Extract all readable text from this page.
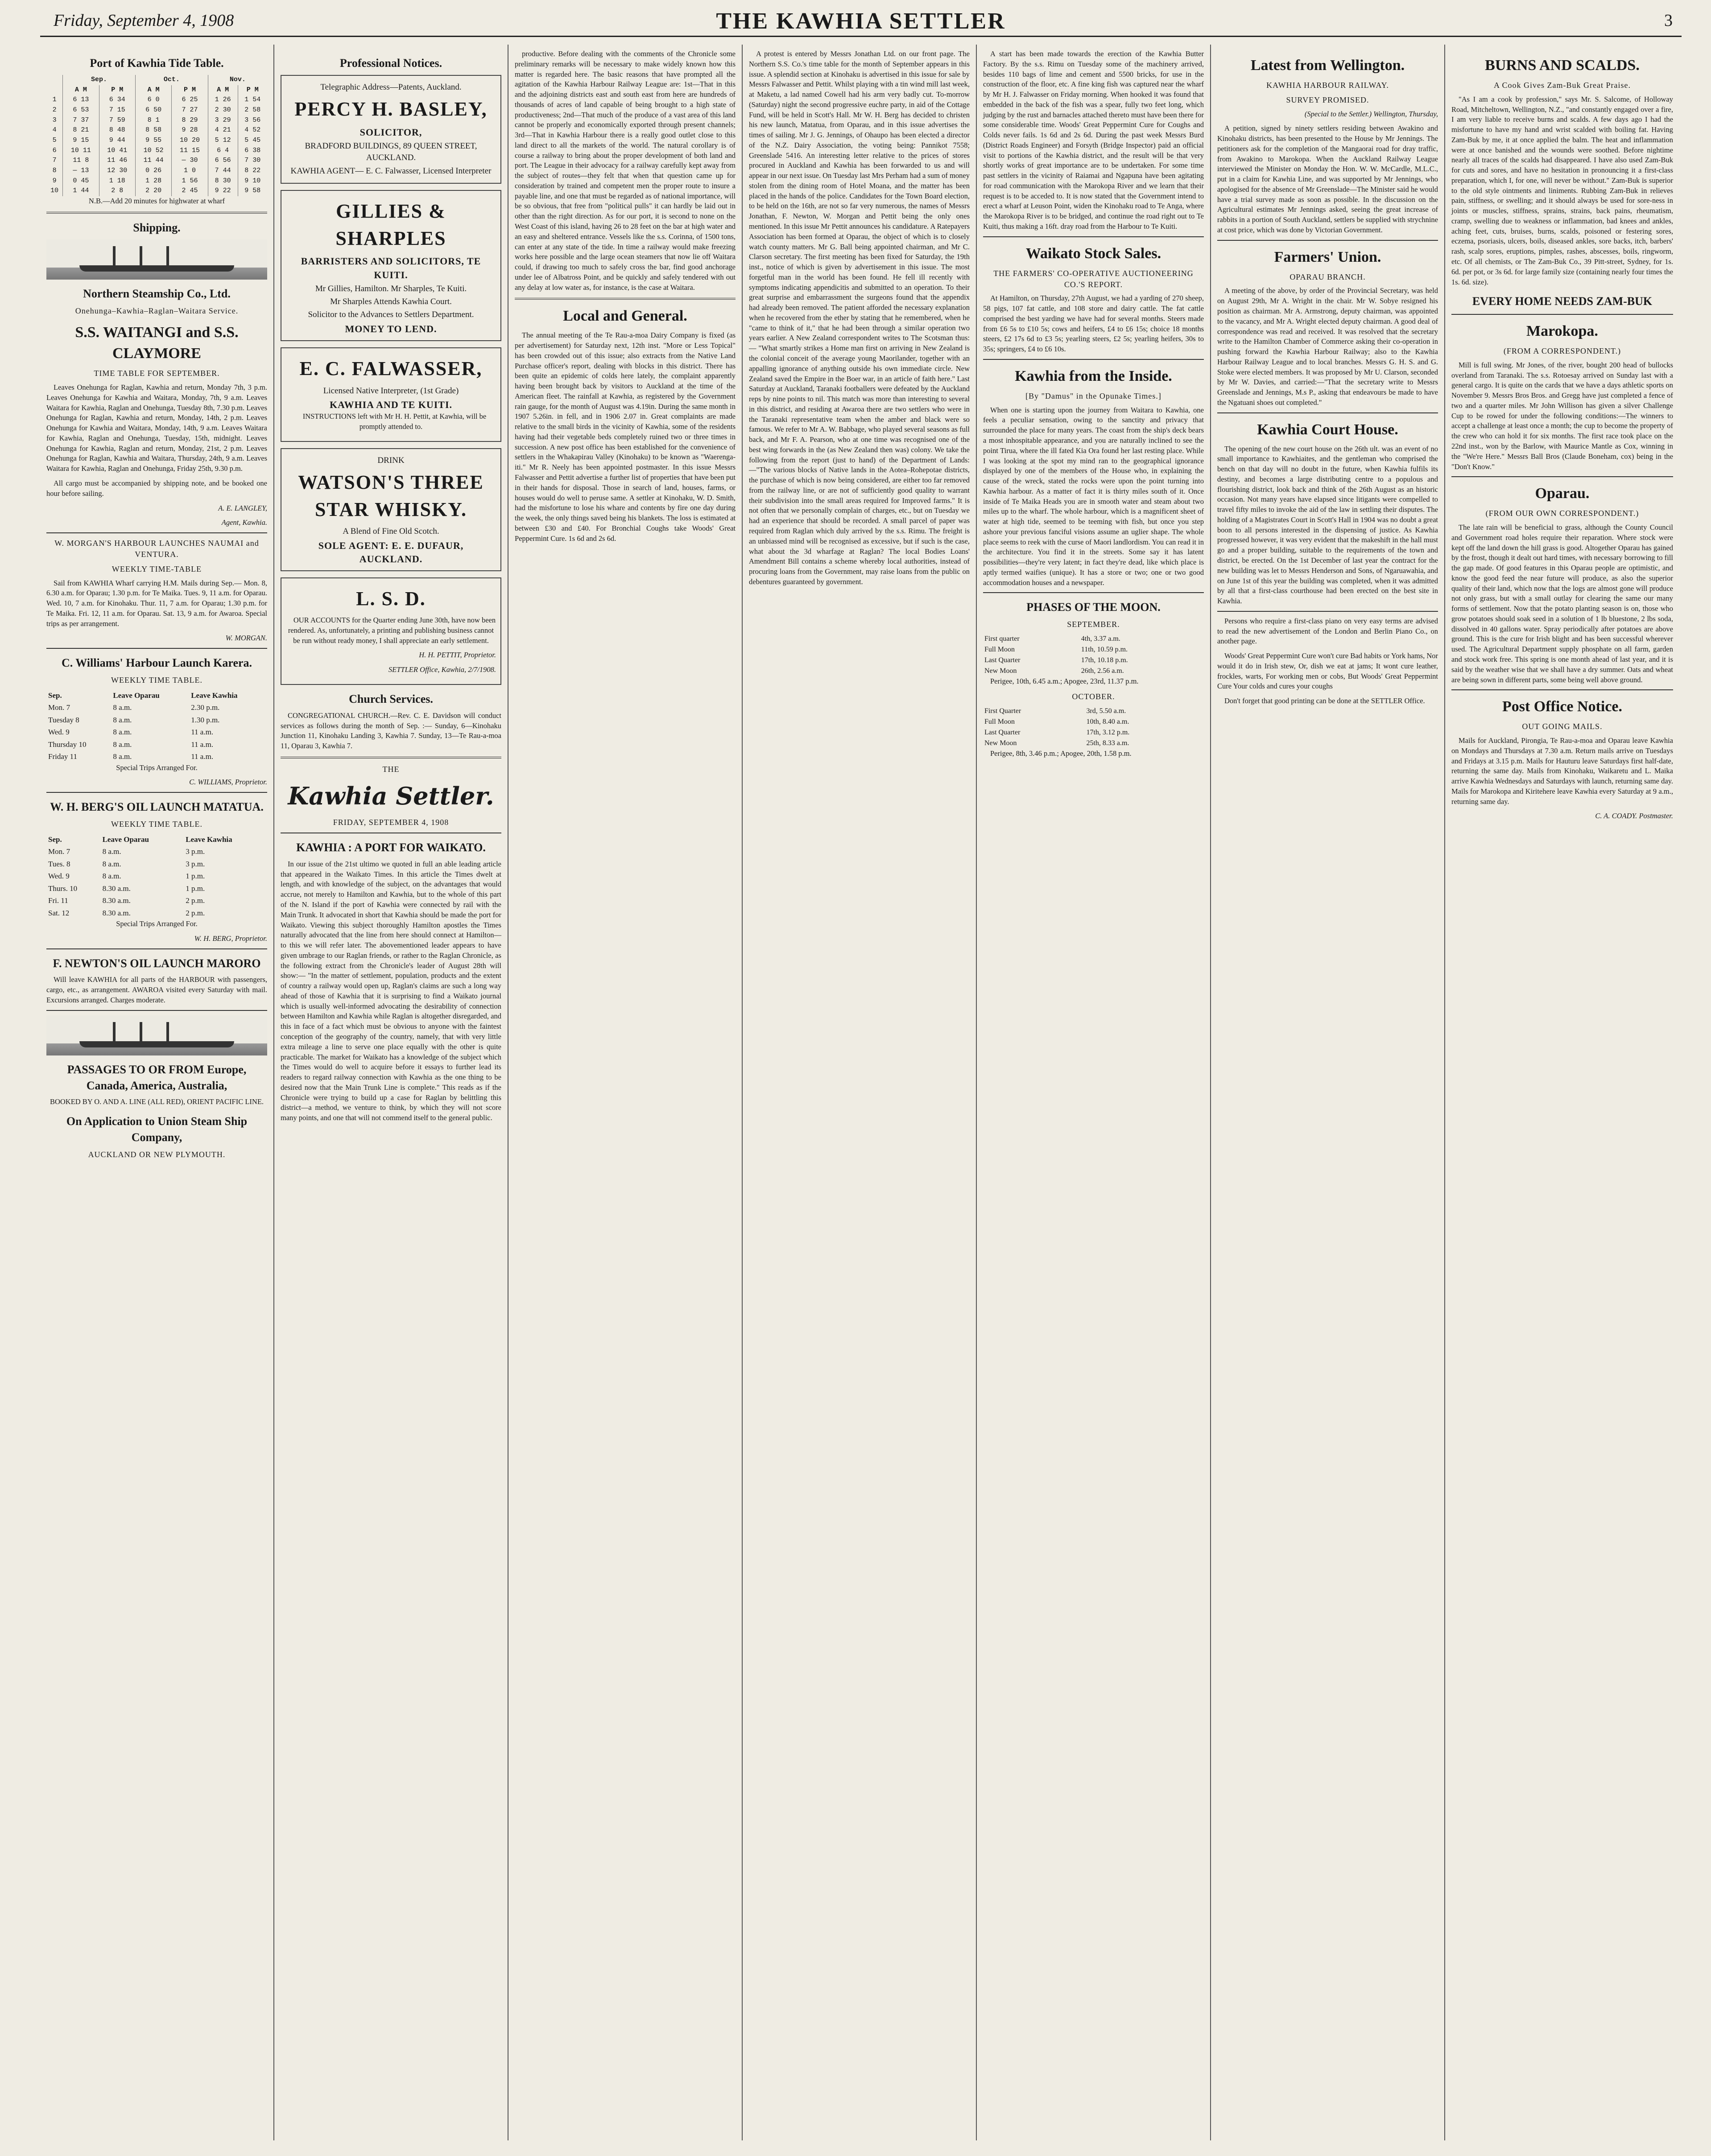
Friday, September 4, 1908	THE KAWHIA SETTLER	3
Port of Kawhia Tide Table.
	Sep.		Oct.		Nov.	
	A M	P M	A M	P M	A M	P M
1	6 13	6 34	6 0	6 25	1 26	1 54
2	6 53	7 15	6 50	7 27	2 30	2 58
3	7 37	7 59	8 1	8 29	3 29	3 56
4	8 21	8 48	8 58	9 28	4 21	4 52
5	9 15	9 44	9 55	10 20	5 12	5 45
6	10 11	10 41	10 52	11 15	6 4	6 38
7	11 8	11 46	11 44	— 30	6 56	7 30
8	— 13	12 30	0 26	1 0	7 44	8 22
9	0 45	1 18	1 28	1 56	8 30	9 10
10	1 44	2 8	2 20	2 45	9 22	9 58

N.B.—Add 20 minutes for highwater at wharf

Shipping.
Northern Steamship Co., Ltd.
Onehunga–Kawhia–Raglan–Waitara Service.
S.S. WAITANGI and S.S. CLAYMORE
TIME TABLE FOR SEPTEMBER.

Leaves Onehunga for Raglan, Kawhia and return, Monday 7th, 3 p.m. Leaves Onehunga for Kawhia and Waitara, Monday, 7th, 9 a.m. Leaves Waitara for Kawhia, Raglan and Onehunga, Tuesday 8th, 7.30 p.m. Leaves Onehunga for Raglan, Kawhia and return, Monday, 14th, 2 p.m. Leaves Onehunga for Kawhia and Waitara, Monday, 14th, 9 a.m. Leaves Waitara for Kawhia, Raglan and Onehunga, Tuesday, 15th, midnight. Leaves Onehunga for Kawhia, Raglan and return, Monday, 21st, 2 p.m. Leaves Onehunga for Raglan, Kawhia and Waitara, Thursday, 24th, 9 a.m. Leaves Waitara for Kawhia, Raglan and Onehunga, Friday 25th, 9.30 p.m.

All cargo must be accompanied by shipping note, and be booked one hour before sailing.

A. E. LANGLEY,

Agent, Kawhia.

W. MORGAN'S HARBOUR LAUNCHES NAUMAI and VENTURA.
WEEKLY TIME-TABLE

Sail from KAWHIA Wharf carrying H.M. Mails during Sep.— Mon. 8, 6.30 a.m. for Oparau; 1.30 p.m. for Te Maika. Tues. 9, 11 a.m. for Oparau. Wed. 10, 7 a.m. for Kinohaku. Thur. 11, 7 a.m. for Oparau; 1.30 p.m. for Te Maika. Fri. 12, 11 a.m. for Oparau. Sat. 13, 9 a.m. for Awaroa. Special trips as per arrangement.

W. MORGAN.

C. Williams' Harbour Launch Karera.
WEEKLY TIME TABLE.
Sep.	Leave Oparau	Leave Kawhia
Mon. 7	8 a.m.	2.30 p.m.
Tuesday 8	8 a.m.	1.30 p.m.
Wed. 9	8 a.m.	11 a.m.
Thursday 10	8 a.m.	11 a.m.
Friday 11	8 a.m.	11 a.m.

Special Trips Arranged For.

C. WILLIAMS, Proprietor.

W. H. BERG'S OIL LAUNCH MATATUA.
WEEKLY TIME TABLE.
Sep.	Leave Oparau	Leave Kawhia
Mon. 7	8 a.m.	3 p.m.
Tues. 8	8 a.m.	3 p.m.
Wed. 9	8 a.m.	1 p.m.
Thurs. 10	8.30 a.m.	1 p.m.
Fri. 11	8.30 a.m.	2 p.m.
Sat. 12	8.30 a.m.	2 p.m.

Special Trips Arranged For.

W. H. BERG, Proprietor.

F. NEWTON'S OIL LAUNCH MARORO

Will leave KAWHIA for all parts of the HARBOUR with passengers, cargo, etc., as arrangement. AWAROA visited every Saturday with mail. Excursions arranged. Charges moderate.

PASSAGES TO OR FROM Europe, Canada, America, Australia,

BOOKED BY O. AND A. LINE (ALL RED), ORIENT PACIFIC LINE.

On Application to Union Steam Ship Company,
AUCKLAND OR NEW PLYMOUTH.
Professional Notices.
Telegraphic Address—Patents, Auckland.
PERCY H. BASLEY,
SOLICITOR,
BRADFORD BUILDINGS, 89 QUEEN STREET, AUCKLAND.
KAWHIA AGENT— E. C. Falwasser, Licensed Interpreter
GILLIES & SHARPLES
BARRISTERS AND SOLICITORS, TE KUITI.
Mr Gillies, Hamilton. Mr Sharples, Te Kuiti.
Mr Sharples Attends Kawhia Court.
Solicitor to the Advances to Settlers Department.
MONEY TO LEND.
E. C. FALWASSER,
Licensed Native Interpreter, (1st Grade)
KAWHIA AND TE KUITI.

INSTRUCTIONS left with Mr H. H. Pettit, at Kawhia, will be promptly attended to.

DRINK
WATSON'S THREE STAR WHISKY.
A Blend of Fine Old Scotch.
SOLE AGENT: E. E. DUFAUR, AUCKLAND.
L. S. D.

OUR ACCOUNTS for the Quarter ending June 30th, have now been rendered. As, unfortunately, a printing and publishing business cannot be run without ready money, I shall appreciate an early settlement.

H. H. PETTIT, Proprietor.

SETTLER Office, Kawhia, 2/7/1908.

Church Services.

CONGREGATIONAL CHURCH.—Rev. C. E. Davidson will conduct services as follows during the month of Sep. :— Sunday, 6—Kinohaku Junction 11, Kinohaku Landing 3, Kawhia 7. Sunday, 13—Te Rau-a-moa 11, Oparau 3, Kawhia 7.

THE
Kawhia Settler.
FRIDAY, SEPTEMBER 4, 1908
KAWHIA : A PORT FOR WAIKATO.

In our issue of the 21st ultimo we quoted in full an able leading article that appeared in the Waikato Times. In this article the Times dwelt at length, and with knowledge of the subject, on the advantages that would accrue, not merely to Hamilton and Kawhia, but to the whole of this part of the N. Island if the port of Kawhia were connected by rail with the Main Trunk. It advocated in short that Kawhia should be made the port for Waikato. Viewing this subject thoroughly Hamilton apostles the Times naturally advocated that the line from here should connect at Hamilton—to this we will refer later. The abovementioned leader appears to have given umbrage to our Raglan friends, or rather to the Raglan Chronicle, as the following extract from the Chronicle's leader of August 28th will show:— "In the matter of settlement, population, products and the extent of country a railway would open up, Raglan's claims are such a long way ahead of those of Kawhia that it is surprising to find a Waikato journal which is usually well-informed advocating the desirability of connection between Hamilton and Kawhia while Raglan is altogether disregarded, and this in face of a fact which must be obvious to anyone with the faintest conception of the geography of the country, namely, that with very little extra mileage a line to serve one place equally with the other is quite practicable. The market for Waikato has a knowledge of the subject which the Times would do well to acquire before it essays to further lead its readers to regard railway connection with Kawhia as the one thing to be desired now that the Main Trunk Line is complete." This reads as if the Chronicle were trying to build up a case for Raglan by belittling this district—a method, we venture to think, by which they will not score many points, and one that will not commend itself to the general public.

productive. Before dealing with the comments of the Chronicle some preliminary remarks will be necessary to make widely known how this matter is regarded here. The basic reasons that have prompted all the agitation of the Kawhia Harbour Railway League are: 1st—That in this and the adjoining districts east and south east from here are hundreds of thousands of acres of land capable of being brought to a high state of productiveness; 2nd—That much of the produce of a vast area of this land cannot be properly and economically exported through present channels; 3rd—That in Kawhia Harbour there is a really good outlet close to this land direct to all the markets of the world. The natural corollary is of course a railway to bring about the proper development of both land and port. The League in their advocacy for a railway carefully kept away from the subject of routes—they felt that when that question came up for consideration by trained and competent men the proper route to insure a payable line, and one that must be regarded as of national importance, will be so obvious, that free from "political pulls" it can hardly be laid out in other than the right direction. As for our port, it is second to none on the West Coast of this island, having 26 to 28 feet on the bar at high water and an easy and sheltered entrance. Vessels like the s.s. Corinna, of 1500 tons, can enter at any state of the tide. In time a railway would make freezing works here possible and the large ocean steamers that now lie off Waitara could, if drawing too much to safely cross the bar, find good anchorage under lee of Albatross Point, and be quickly and safely tendered with out any delay at low water as, for instance, is the case at Waitara.

Local and General.

The annual meeting of the Te Rau-a-moa Dairy Company is fixed (as per advertisement) for Saturday next, 12th inst. "More or Less Topical" has been crowded out of this issue; also extracts from the Native Land Purchase officer's report, dealing with blocks in this district. There has been quite an epidemic of colds here lately, the complaint apparently having been brought back by visitors to Auckland at the time of the American fleet. The rainfall at Kawhia, as registered by the Government rain gauge, for the month of August was 4.19in. During the same month in 1907 5.26in. in fell, and in 1906 2.07 in. Great complaints are made relative to the small birds in the vicinity of Kawhia, some of the residents having had their vegetable beds completely ruined two or three times in succession. A new post office has been established for the convenience of settlers in the Whakapirau Valley (Kinohaku) to be known as "Waerenga-iti." Mr R. Neely has been appointed postmaster. In this issue Messrs Falwasser and Pettit advertise a further list of properties that have been put in their hands for disposal. Those in search of land, houses, farms, or houses would do well to peruse same. A settler at Kinohaku, W. D. Smith, had the misfortune to lose his whare and contents by fire one day during the week, the only things saved being his blankets. The loss is estimated at between £30 and £40. For Bronchial Coughs take Woods' Great Peppermint Cure. 1s 6d and 2s 6d.

A protest is entered by Messrs Jonathan Ltd. on our front page. The Northern S.S. Co.'s time table for the month of September appears in this issue. A splendid section at Kinohaku is advertised in this issue for sale by Messrs Falwasser and Pettit. Whilst playing with a tin wind mill last week, at Maketu, a lad named Cowell had his arm very badly cut. To-morrow (Saturday) night the second progressive euchre party, in aid of the Cottage Fund, will be held in Scott's Hall. Mr W. H. Berg has decided to christen his new launch, Matatua, from Oparau, and in this issue advertises the times of sailing. Mr J. G. Jennings, of Ohaupo has been elected a director of the N.Z. Dairy Association, the voting being: Pannikot 7558; Greenslade 5416. An interesting letter relative to the prices of stores procured in Auckland and Kawhia has been forwarded to us and will appear in our next issue. On Tuesday last Mrs Perham had a sum of money stolen from the dining room of Hotel Moana, and the matter has been placed in the hands of the police. Candidates for the Town Board election, to be held on the 16th, are not so far very numerous, the names of Messrs Jonathan, F. Newton, W. Morgan and Pettit being the only ones mentioned. In this issue Mr Pettit announces his candidature. A Ratepayers Association has been formed at Oparau, the object of which is to closely watch county matters. Mr G. Ball being appointed chairman, and Mr C. Clarson secretary. The first meeting has been fixed for Saturday, the 19th inst., notice of which is given by advertisement in this issue. The most forgetful man in the world has been found. He fell ill recently with symptoms indicating appendicitis and submitted to an operation. To their great surprise and embarrassment the surgeons found that the appendix had already been removed. The patient afforded the necessary explanation when he recovered from the ether by stating that he remembered, when he "came to think of it," that he had been through a similar operation two years earlier. A New Zealand correspondent writes to The Scotsman thus:— "What smartly strikes a Home man first on arriving in New Zealand is the colonial conceit of the average young Maorilander, together with an appalling ignorance of anything outside his own immediate circle. New Zealand saved the Empire in the Boer war, in an article of faith here." Last Saturday at Auckland, Taranaki footballers were defeated by the Auckland reps by nine points to nil. This match was more than interesting to several in this district, and residing at Awaroa there are two settlers who were in the Taranaki representative team when the amber and black were so famous. We refer to Mr A. W. Babbage, who played several seasons as full back, and Mr F. A. Pearson, who at one time was recognised one of the best wing forwards in the (as New Zealand then was) colony. We take the following from the report (just to hand) of the Department of Lands:—"The various blocks of Native lands in the Aotea–Rohepotae districts, the purchase of which is now being considered, are either too far removed from the railway line, or are not of sufficiently good quality to warrant their subdivision into the small areas required for Improved farms." It is not often that we personally complain of charges, etc., but on Tuesday we had an experience that should be recorded. A small parcel of paper was required from Raglan which duly arrived by the s.s. Rimu. The freight is an unbiassed mind will be recognised as excessive, but if such is the case, what about the 3d wharfage at Raglan? The local Bodies Loans' Amendment Bill contains a scheme whereby local authorities, instead of procuring loans from the Government, may raise loans from the public on debentures guaranteed by government.

A start has been made towards the erection of the Kawhia Butter Factory. By the s.s. Rimu on Tuesday some of the machinery arrived, besides 110 bags of lime and cement and 5500 bricks, for use in the construction of the floor, etc. A fine king fish was captured near the wharf by Mr H. J. Falwasser on Friday morning. When hooked it was found that embedded in the back of the fish was a spear, fully two feet long, which judging by the rust and barnacles attached thereto must have been there for some considerable time. Woods' Great Peppermint Cure for Coughs and Colds never fails. 1s 6d and 2s 6d. During the past week Messrs Burd (District Roads Engineer) and Forsyth (Bridge Inspector) paid an official visit to portions of the Kawhia district, and the result will be that very shortly works of great importance are to be undertaken. For some time past settlers in the vicinity of Raiamai and Ngapuna have been agitating for road communication with the Marokopa River and we learn that their request is to be acceded to. It is now stated that the Government intend to erect a wharf at Leuson Point, widen the Kinohaku road to Te Anga, where the Marokopa River is to be bridged, and continue the road right out to Te Kuiti, thus making a 16ft. dray road from the Harbour to Te Kuiti.

Waikato Stock Sales.
THE FARMERS' CO-OPERATIVE AUCTIONEERING CO.'S REPORT.

At Hamilton, on Thursday, 27th August, we had a yarding of 270 sheep, 58 pigs, 107 fat cattle, and 108 store and dairy cattle. The fat cattle comprised the best yarding we have had for several months. Steers made from £6 5s to £10 5s; cows and heifers, £4 to £6 15s; choice 18 months steers, £2 17s 6d to £3 5s; yearling steers, £2 5s; yearling heifers, 30s to 35s; springers, £4 to £6 10s.

Kawhia from the Inside.
[By "Damus" in the Opunake Times.]

When one is starting upon the journey from Waitara to Kawhia, one feels a peculiar sensation, owing to the sanctity and privacy that surrounded the place for many years. The coast from the ship's deck bears a most inhospitable appearance, and you are naturally inclined to see the point Tirua, where the ill fated Kia Ora found her last resting place. While I was looking at the spot my mind ran to the geographical ignorance displayed by one of the members of the House who, in explaining the cause of the wreck, stated the rocks were upon the point turning into Kawhia harbour. As a matter of fact it is thirty miles south of it. Once inside of Te Maika Heads you are in smooth water and steam about two miles up to the wharf. The whole harbour, which is a magnificent sheet of water at high tide, seemed to be teeming with fish, but once you step ashore your previous fanciful visions assume an uglier shape. The whole place seems to reek with the curse of Maori landlordism. You can read it in the architecture. You find it in the streets. Some say it has latent possibilities—they're very latent; in fact they're dead, like which place is aptly termed waifies (unique). It has a store or two; one or two good accommodation houses and a newspaper.

PHASES OF THE MOON.
SEPTEMBER.
First quarter	4th, 3.37 a.m.
Full Moon	11th, 10.59 p.m.
Last Quarter	17th, 10.18 p.m.
New Moon	26th, 2.56 a.m.

Perigee, 10th, 6.45 a.m.; Apogee, 23rd, 11.37 p.m.

OCTOBER.
First Quarter	3rd, 5.50 a.m.
Full Moon	10th, 8.40 a.m.
Last Quarter	17th, 3.12 p.m.
New Moon	25th, 8.33 a.m.

Perigee, 8th, 3.46 p.m.; Apogee, 20th, 1.58 p.m.

Latest from Wellington.
KAWHIA HARBOUR RAILWAY.
SURVEY PROMISED.

(Special to the Settler.) Wellington, Thursday,

A petition, signed by ninety settlers residing between Awakino and Kinohaku districts, has been presented to the House by Mr Jennings. The petitioners ask for the completion of the Mangaorai road for dray traffic, from Awakino to Marokopa. When the Auckland Railway League interviewed the Minister on Monday the Hon. W. W. McCardle, M.L.C., put in a claim for Kawhia Line, and was supported by Mr Jennings, who apologised for the absence of Mr Greenslade—The Minister said he would have a trial survey made as soon as possible. In the discussion on the Agricultural estimates Mr Jennings asked, seeing the great increase of rabbits in a portion of South Auckland, settlers be supplied with strychnine at cost price, which was done by Victorian Government.

Farmers' Union.
OPARAU BRANCH.

A meeting of the above, by order of the Provincial Secretary, was held on August 29th, Mr A. Wright in the chair. Mr W. Sobye resigned his position as chairman. Mr A. Armstrong, deputy chairman, was appointed to the vacancy, and Mr A. Wright elected deputy chairman. A good deal of correspondence was read and received. It was resolved that the secretary write to the Hamilton Chamber of Commerce asking their co-operation in pushing forward the Kawhia Harbour Railway; also to the Kawhia Harbour Railway League and to local branches. Messrs G. H. S. and G. Stoke were elected members. It was proposed by Mr U. Clarson, seconded by Mr W. Davies, and carried:—"That the secretary write to Messrs Greenslade and Jennings, M.s P., asking that endeavours be made to have the Ngatuani shoes out completed."

Kawhia Court House.

The opening of the new court house on the 26th ult. was an event of no small importance to Kawhiaites, and the gentleman who comprised the bench on that day will no doubt in the future, when Kawhia fulfils its destiny, and becomes a large distributing centre to a populous and flourishing district, look back and think of the 26th August as an historic occasion. Not many years have elapsed since litigants were compelled to travel fifty miles to invoke the aid of the law in settling their disputes. The holding of a Magistrates Court in Scott's Hall in 1904 was no doubt a great boon to all persons interested in the dispensing of justice. As Kawhia progressed however, it was very evident that the makeshift in the hall must go and a proper building, suitable to the requirements of the town and district, be erected. On the 1st December of last year the contract for the new building was let to Messrs Henderson and Sons, of Ngaruawahia, and on June 1st of this year the building was completed, when it was admitted by all that a first-class courthouse had been erected on the best site in Kawhia.

Persons who require a first-class piano on very easy terms are advised to read the new advertisement of the London and Berlin Piano Co., on another page.

Woods' Great Peppermint Cure won't cure Bad habits or York hams, Nor would it do in Irish stew, Or, dish we eat at jams; It wont cure leather, frockles, warts, For working men or cobs, But Woods' Great Peppermint Cure Your colds and cures your coughs

Don't forget that good printing can be done at the SETTLER Office.

BURNS AND SCALDS.
A Cook Gives Zam-Buk Great Praise.

"As I am a cook by profession," says Mr. S. Salcome, of Holloway Road, Mitcheltown, Wellington, N.Z., "and constantly engaged over a fire, I am very liable to receive burns and scalds. A few days ago I had the misfortune to have my hand and wrist scalded with boiling fat. Having Zam-Buk by me, it at once applied the balm. The heat and inflammation were at once banished and the wounds were soothed. Before nightime nearly all traces of the scalds had disappeared. I have also used Zam-Buk for cuts and sores, and have no hesitation in pronouncing it a first-class preparation, which I, for one, will never be without." Zam-Buk is superior to the old style ointments and liniments. Rubbing Zam-Buk in relieves pain, stiffness, or swelling; and it should always be used for sore-ness in joints or muscles, stiffness, sprains, strains, back pains, rheumatism, cramp, swelling due to weakness or inflammation, bad knees and ankles, aching feet, cuts, bruises, burns, scalds, poisoned or festering sores, eczema, psoriasis, ulcers, boils, diseased ankles, sore backs, itch, barbers' rash, scalp sores, eruptions, pimples, rashes, abscesses, boils, ringworm, etc. Of all chemists, or The Zam-Buk Co., 39 Pitt-street, Sydney, for 1s. 6d. per pot, or 3s 6d. for large family size (containing nearly four times the 1s. 6d. size).

EVERY HOME NEEDS ZAM-BUK
Marokopa.
(FROM A CORRESPONDENT.)

Mill is full swing. Mr Jones, of the river, bought 200 head of bullocks overland from Taranaki. The s.s. Rotoesay arrived on Sunday last with a general cargo. It is quite on the cards that we have a days athletic sports on November 9. Messrs Bros Bros. and Gregg have just completed a fence of two and a quarter miles. Mr John Willison has given a silver Challenge Cup to be rowed for under the following conditions:—The winners to accept a challenge at least once a month; the cup to become the property of the crew who can hold it for six months. The first race took place on the 22nd inst., won by the Barlow, with Maurice Mantle as Cox, winning in the "We're Here." Messrs Ball Bros (Claude Boneham, cox) being in the "Don't Know."

Oparau.
(FROM OUR OWN CORRESPONDENT.)

The late rain will be beneficial to grass, although the County Council and Government road holes require their reparation. Where stock were kept off the land down the hill grass is good. Altogether Oparau has gained by the frost, though it dealt out hard times, with necessary borrowing to fill the gap made. Of good features in this Oparau people are optimistic, and know the good feed the near future will produce, as also the superior quality of their land, which now that the logs are almost gone will produce not only grass, but with a small outlay for clearing the same our many forms of settlement. Now that the potato planting season is on, those who grow potatoes should soak seed in a solution of 1 lb bluestone, 2 lbs soda, dissolved in 40 gallons water. Spray periodically after potatoes are above ground. This is the cure for Irish blight and has been successful wherever used. The Agricultural Department supply phosphate on all farm, garden and stock work free. This spring is one month ahead of last year, and it is said by the weather wise that we shall have a dry summer. Oats and wheat are being sown in different parts, some being well above ground.

Post Office Notice.
OUT GOING MAILS.

Mails for Auckland, Pirongia, Te Rau-a-moa and Oparau leave Kawhia on Mondays and Thursdays at 7.30 a.m. Return mails arrive on Tuesdays and Fridays at 3.15 p.m. Mails for Hauturu leave Saturdays first half-date, returning the same day. Mails from Kinohaku, Waikaretu and L. Maika arrive Kawhia Wednesdays and Saturdays with launch, returning same day. Mails for Marokopa and Kiritehere leave Kawhia every Saturday at 9 a.m., returning same day.

C. A. COADY. Postmaster.
